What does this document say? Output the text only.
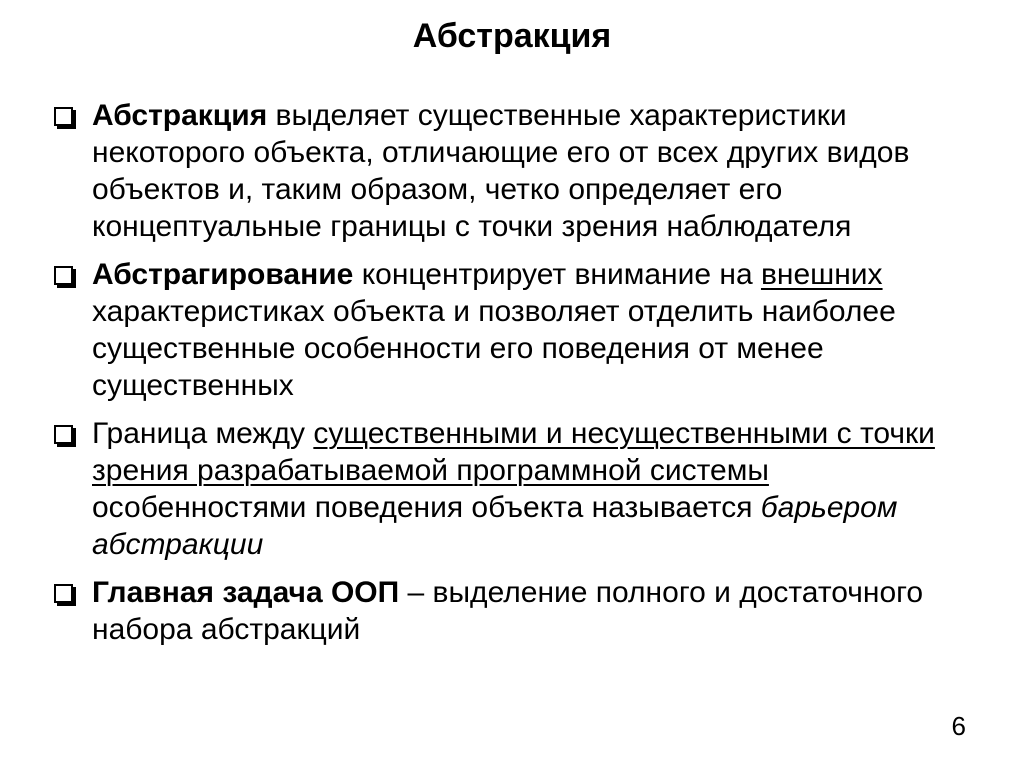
Абстракция
Абстракция выделяет существенные характеристики некоторого объекта, отличающие его от всех других видов объектов и, таким образом, четко определяет его концептуальные границы с точки зрения наблюдателя
Абстрагирование концентрирует внимание на внешних характеристиках объекта и позволяет отделить наиболее существенные особенности его поведения от менее существенных
Граница между существенными и несущественными с точки зрения разрабатываемой программной системы особенностями поведения объекта называется барьером абстракции
Главная задача ООП – выделение полного и достаточного набора абстракций
6
